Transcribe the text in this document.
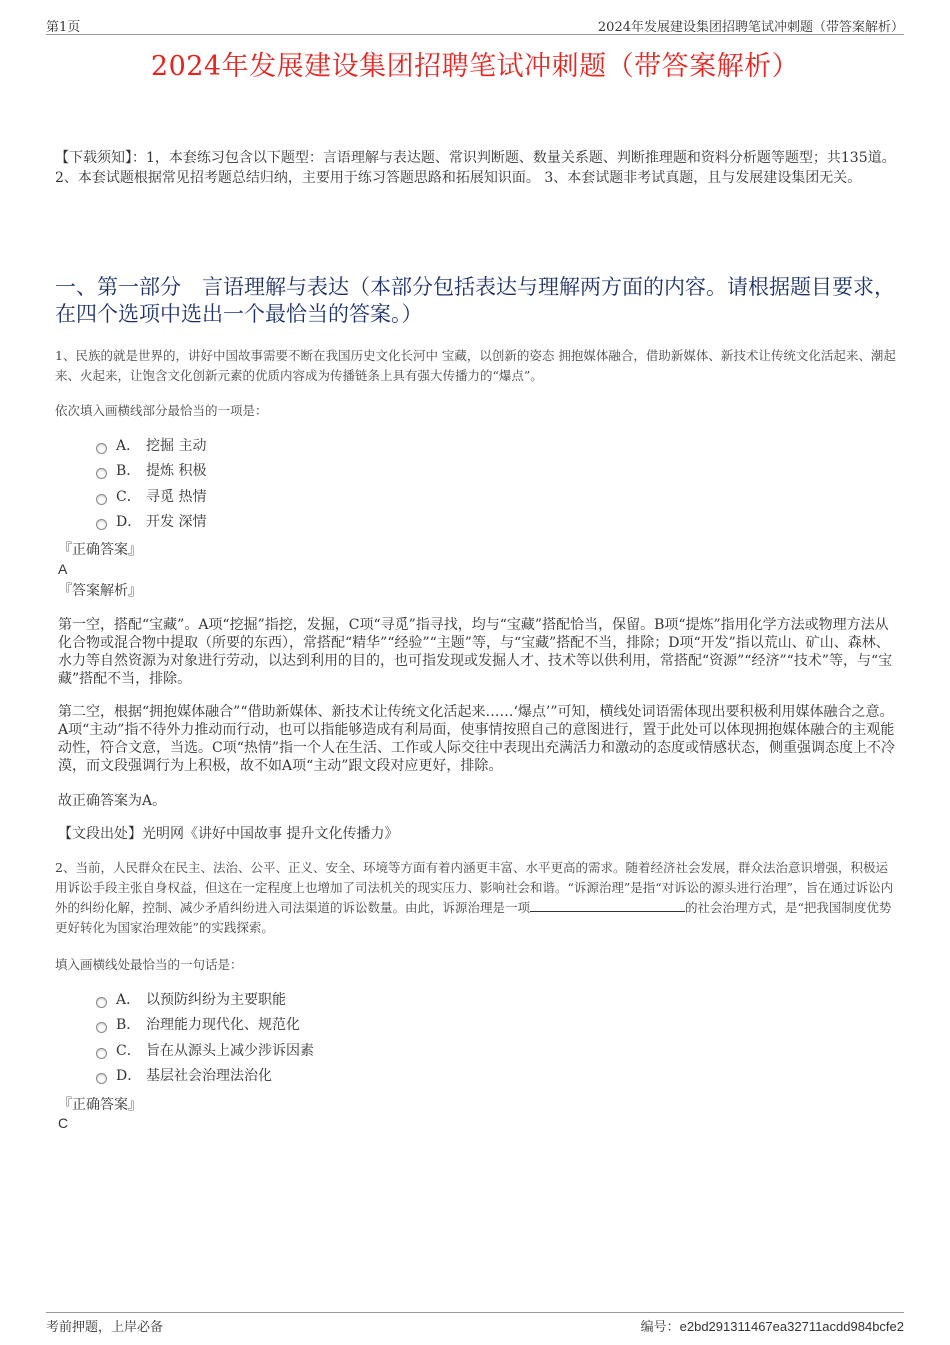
第1页	2024年发展建设集团招聘笔试冲刺题（带答案解析）
2024年发展建设集团招聘笔试冲刺题（带答案解析）
【下载须知】：1，本套练习包含以下题型：言语理解与表达题、常识判断题、数量关系题、判断推理题和资料分析题等题型；共135道。 2、本套试题根据常见招考题总结归纳，主要用于练习答题思路和拓展知识面。 3、本套试题非考试真题，且与发展建设集团无关。
一、第一部分　言语理解与表达（本部分包括表达与理解两方面的内容。请根据题目要求，在四个选项中选出一个最恰当的答案。）
1、民族的就是世界的，讲好中国故事需要不断在我国历史文化长河中 宝藏，以创新的姿态 拥抱媒体融合，借助新媒体、新技术让传统文化活起来、潮起来、火起来，让饱含文化创新元素的优质内容成为传播链条上具有强大传播力的“爆点”。
依次填入画横线部分最恰当的一项是：
A． 挖掘 主动
B． 提炼 积极
C． 寻觅 热情
D． 开发 深情
『正确答案』
A
『答案解析』
第一空，搭配“宝藏”。A项“挖掘”指挖，发掘，C项“寻觅”指寻找，均与“宝藏”搭配恰当，保留。B项“提炼”指用化学方法或物理方法从化合物或混合物中提取（所要的东西），常搭配“精华”“经验”“主题”等，与“宝藏”搭配不当，排除；D项“开发”指以荒山、矿山、森林、水力等自然资源为对象进行劳动，以达到利用的目的，也可指发现或发掘人才、技术等以供利用，常搭配“资源”“经济”“技术”等，与“宝藏”搭配不当，排除。
第二空，根据“拥抱媒体融合”“借助新媒体、新技术让传统文化活起来……‘爆点’”可知，横线处词语需体现出要积极利用媒体融合之意。A项“主动”指不待外力推动而行动，也可以指能够造成有利局面，使事情按照自己的意图进行，置于此处可以体现拥抱媒体融合的主观能动性，符合文意，当选。C项“热情”指一个人在生活、工作或人际交往中表现出充满活力和激动的态度或情感状态，侧重强调态度上不冷漠，而文段强调行为上积极，故不如A项“主动”跟文段对应更好，排除。
故正确答案为A。
【文段出处】光明网《讲好中国故事 提升文化传播力》
2、当前，人民群众在民主、法治、公平、正义、安全、环境等方面有着内涵更丰富、水平更高的需求。随着经济社会发展，群众法治意识增强，积极运用诉讼手段主张自身权益，但这在一定程度上也增加了司法机关的现实压力、影响社会和谐。“诉源治理”是指“对诉讼的源头进行治理”，旨在通过诉讼内外的纠纷化解，控制、减少矛盾纠纷进入司法渠道的诉讼数量。由此，诉源治理是一项	的社会治理方式，是“把我国制度优势更好转化为国家治理效能”的实践探索。
填入画横线处最恰当的一句话是：
A． 以预防纠纷为主要职能
B． 治理能力现代化、规范化
C． 旨在从源头上减少涉诉因素
D． 基层社会治理法治化
『正确答案』
C
考前押题，上岸必备	编号：e2bd291311467ea32711acdd984bcfe2
